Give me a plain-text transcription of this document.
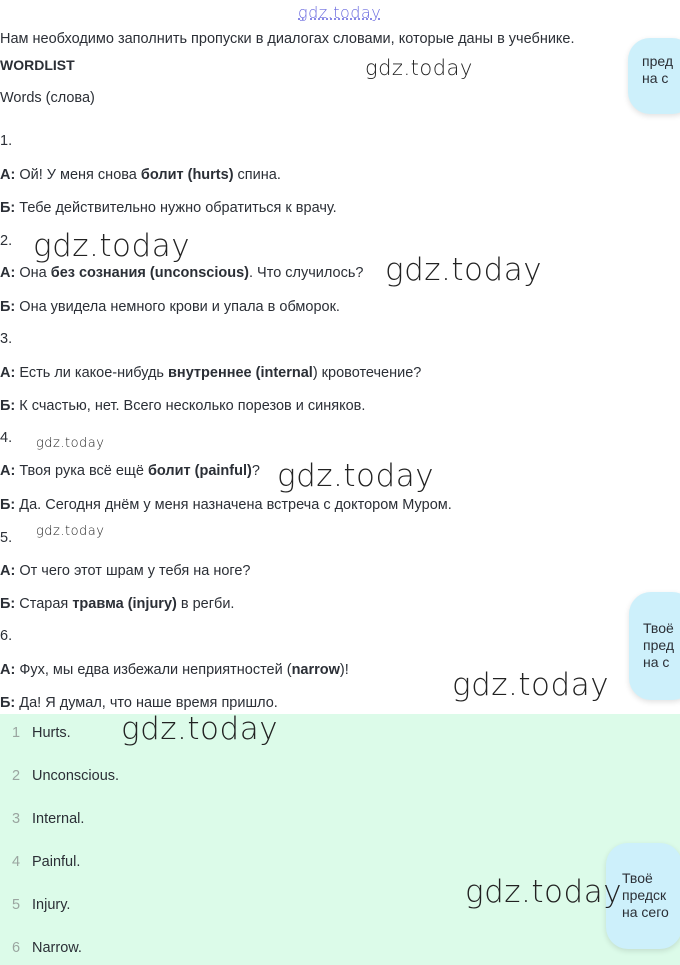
gdz.today
Нам необходимо заполнить пропуски в диалогах словами, которые даны в учебнике.
WORDLIST
Words (слова)
1.
А: Ой! У меня снова болит (hurts) спина.
Б: Тебе действительно нужно обратиться к врачу.
2.
А: Она без сознания (unconscious). Что случилось?
Б: Она увидела немного крови и упала в обморок.
3.
А: Есть ли какое-нибудь внутреннее (internal) кровотечение?
Б: К счастью, нет. Всего несколько порезов и синяков.
4.
А: Твоя рука всё ещё болит (painful)?
Б: Да. Сегодня днём у меня назначена встреча с доктором Муром.
5.
А: От чего этот шрам у тебя на ноге?
Б: Старая травма (injury) в регби.
6.
А: Фух, мы едва избежали неприятностей (narrow)!
Б: Да! Я думал, что наше время пришло.
1 Hurts.
2 Unconscious.
3 Internal.
4 Painful.
5 Injury.
6 Narrow.
пред
на с
Твоё
пред
на с
Твоё
предск
на сего
gdz.today
gdz.today
gdz.today
gdz.today
gdz.today
gdz.today
gdz.today
gdz.today
gdz.today
